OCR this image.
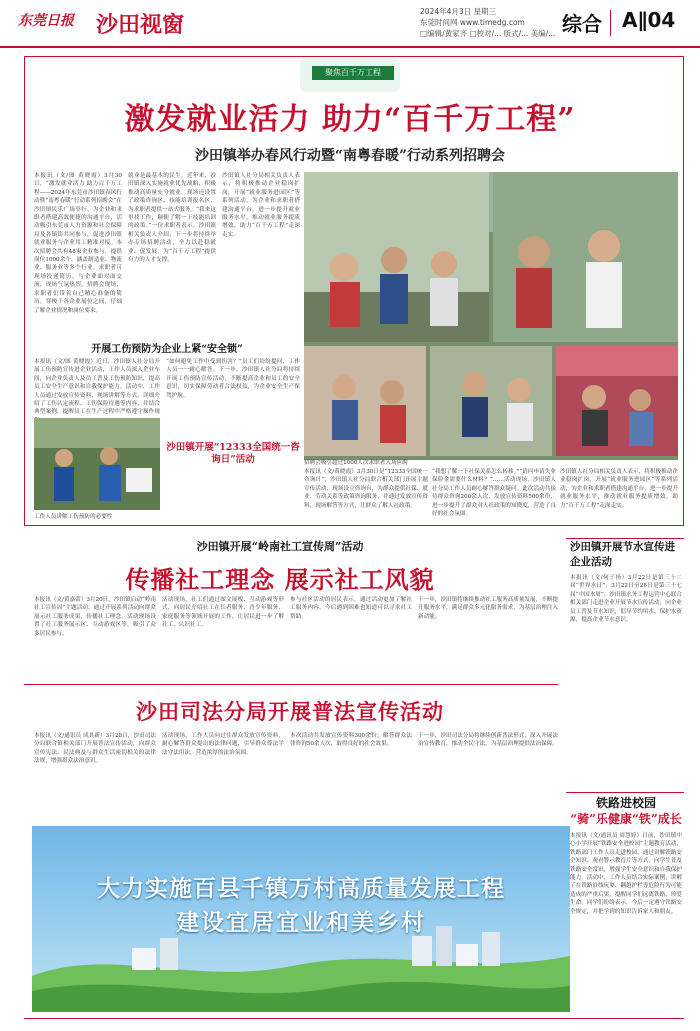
东莞日报	沙田视窗
2024年4月3日 星期三
东莞时间网 www.timedg.com
□编辑/黄家齐 □校对/... 版式/... 美编/... 综合 A∥04
聚焦百千万工程
激发就业活力 助力“百千万工程”
沙田镇举办春风行动暨“南粤春暖”行动系列招聘会
本报讯（文/图 黄晓霞）3月30日，“激发就业活力 助力百千万工程——2024年东莞市沙田镇春风行动暨“南粤春暖”行动系列招聘会”在沙田镇民乐广场举行。为企业和求职者搭建高效便捷的沟通平台，活动吸引东莞市人力资源和社会保障局及各镇街共同参与，促进沙田镇就业服务与企业用工精准对接。本次招聘会共有48家企业参与，提供岗位1000余个，涵盖制造业、物流业、服务业等多个行业。求职者可现场投递简历、与企业面对面交流，现场气氛热烈。招聘会现场，求职者们带着自己精心准备的简历，穿梭于各企业展位之间，仔细了解企业情况和岗位要求。
就业是最基本的民生。近年来，沙田镇深入实施就业优先战略，积极推动高质量充分就业。现场还设置了政策咨询区、技能培训报名区，为求职者提供一站式服务。“我来这里找工作，顺便了解一下技能培训的政策。”一位求职者表示。沙田镇相关负责人介绍，下一步将持续举办专场招聘活动，全力以赴稳就业、促发展，为“百千万工程”提供有力的人才支撑。
沙田镇人社分局相关负责人表示，将积极推动企业稳岗扩岗，开展“就业服务进园区”等系列活动，为企业和求职者搭建沟通平台，进一步提升就业服务水平，推动就业服务提质增效，助力“百千万工程”走深走实。
招聘会吸引超过1000人次求职者入场应聘
本报讯（文/黄晓霞）3月30日是“12333全国统一咨询日”，沙田镇人社分局联合相关部门开展主题宣传活动，现场设立咨询台，为群众提供社保、就业、劳动关系等政策咨询服务，并通过发放宣传资料、现场解答等方式，让群众了解人社政策。
“我想了解一下社保关系怎么转移。”“请问申请失业保险金需要什么材料？”……活动现场，沙田镇人社分局工作人员耐心解答群众疑问。此次活动共接待群众咨询200余人次，发放宣传资料500余份，进一步提升了群众对人社政策的知晓度，营造了良好的社会氛围。
沙田镇人社分局相关负责人表示，将积极推动企业稳岗扩岗，开展“就业服务进园区”等系列活动，为企业和求职者搭建沟通平台，进一步提升就业服务水平，推动就业服务提质增效，助力“百千万工程”走深走实。
开展工伤预防为企业上紧“安全锁”
本报讯（文/图 黄晓霞）近日，沙田镇人社分局开展工伤预防宣传进企业活动，工作人员深入企业车间，向企业负责人及员工普及工伤预防知识，提高员工安全生产意识和自我保护能力。活动中，工作人员通过发放宣传资料、现场讲解等方式，详细介绍了工伤认定流程、工伤保险待遇等内容，并结合典型案例，提醒员工在生产过程中严格遵守操作规
“如何避免工作中受到伤害？”员工们纷纷提问，工作人员一一耐心解答。下一步，沙田镇人社分局将持续开展工伤预防宣传活动，不断提高企业和员工的安全意识，切实保障劳动者合法权益，为企业安全生产保驾护航。
工作人员讲解工伤预防的必要性
沙田镇开展“12333全国统一咨询日”活动
沙田镇开展“岭南社工宣传周”活动
传播社工理念 展示社工风貌
本报讯（文/黄嘉蕾）3月20日，沙田镇启动“岭南社工宣传周”主题活动，通过开展系列活动向群众展示社工服务成果，传播社工理念。活动现场设置了社工服务展示区、互动游戏区等，吸引了众多居民参与。
活动现场，社工们通过图文展板、互动游戏等形式，向居民介绍社工在长者服务、青少年服务、家庭服务等领域开展的工作，让居民进一步了解社工、认识社工。
参与社区活动的居民表示，通过活动更加了解社工服务内容，今后遇到困难也知道可以寻求社工帮助。
下一步，沙田镇将继续推动社工服务高质量发展，不断提升服务水平，满足群众多元化服务需求，为基层治理注入新动能。
沙田镇开展节水宣传进企业活动
本报讯（文/何子扬）3月22日是第三十二届“世界水日”，3月22日至28日是第三十七届“中国水周”。沙田镇水务工程运营中心联合相关部门走进企业开展节水宣传活动，向企业员工普及节水知识，倡导节约用水、保护水资源，提高企业节水意识。
沙田司法分局开展普法宣传活动
本报讯（文/通讯员 成其新）3月28日，沙田司法分局联合镇相关部门开展普法宣传活动，向群众宣传宪法、民法典及与群众生活密切相关的法律法规，增强群众法治意识。
活动现场，工作人员向过往群众发放宣传资料，耐心解答群众提出的法律问题，引导群众尊法学法守法用法，营造浓厚的法治氛围。
本次活动共发放宣传资料300余份，解答群众法律咨询50余人次，取得良好的社会效果。
下一步，沙田司法分局将继续创新普法形式，深入开展法治宣传教育，推动全民守法，为基层治理提供法治保障。
铁路进校园
“骑”乐健康“铁”成长
本报讯（文/通讯员 周慧婷）日前，沙田镇中心小学开展“铁路安全进校园”主题教育活动，铁路部门工作人员走进校园，通过讲解铁路安全知识、观看警示教育片等方式，向学生普及铁路安全常识，增强学生安全意识和自我保护能力。活动中，工作人员结合实际案例，讲解了在铁路沿线玩耍、翻越护栏等危险行为可能造成的严重后果，提醒同学们远离铁路、珍爱生命。同学们纷纷表示，今后一定遵守铁路安全规定，并把学到的知识告诉家人和朋友。
大力实施百县千镇万村高质量发展工程
建设宜居宜业和美乡村
